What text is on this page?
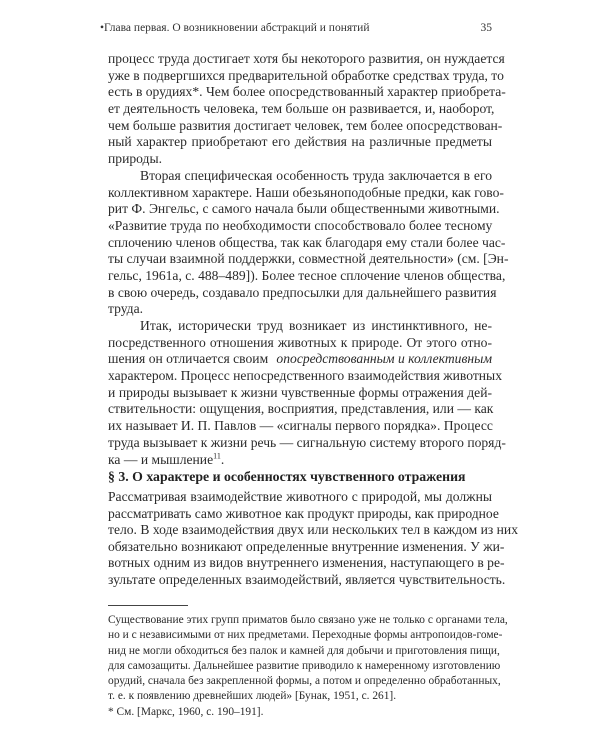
•Глава первая. О возникновении абстракций и понятий	35
процесс труда достигает хотя бы некоторого развития, он нуждается
уже в подвергшихся предварительной обработке средствах труда, то
есть в орудиях*. Чем более опосредствованный характер приобрета-
ет деятельность человека, тем больше он развивается, и, наоборот,
чем больше развития достигает человек, тем более опосредствован-
ный характер приобретают его действия на различные предметы
природы.
Вторая специфическая особенность труда заключается в его
коллективном характере. Наши обезьяноподобные предки, как гово-
рит Ф. Энгельс, с самого начала были общественными животными.
«Развитие труда по необходимости способствовало более тесному
сплочению членов общества, так как благодаря ему стали более час-
ты случаи взаимной поддержки, совместной деятельности» (см. [Эн-
гельс, 1961а, с. 488–489]). Более тесное сплочение членов общества,
в свою очередь, создавало предпосылки для дальнейшего развития
труда.
Итак, исторически труд возникает из инстинктивного, не-
посредственного отношения животных к природе. От этого отно-
шения он отличается своим опосредствованным и коллективным
характером. Процесс непосредственного взаимодействия животных
и природы вызывает к жизни чувственные формы отражения дей-
ствительности: ощущения, восприятия, представления, или — как
их называет И. П. Павлов — «сигналы первого порядка». Процесс
труда вызывает к жизни речь — сигнальную систему второго поряд-
ка — и мышление$^{11}$.
§ 3. О характере и особенностях чувственного отражения
Рассматривая взаимодействие животного с природой, мы должны
рассматривать само животное как продукт природы, как природное
тело. В ходе взаимодействия двух или нескольких тел в каждом из них
обязательно возникают определенные внутренние изменения. У жи-
вотных одним из видов внутреннего изменения, наступающего в ре-
зультате определенных взаимодействий, является чувствительность.
Существование этих групп приматов было связано уже не только с органами тела,
но и с независимыми от них предметами. Переходные формы антропоидов-гоме-
нид не могли обходиться без палок и камней для добычи и приготовления пищи,
для самозащиты. Дальнейшее развитие приводило к намеренному изготовлению
орудий, сначала без закрепленной формы, а потом и определенно обработанных,
т. е. к появлению древнейших людей» [Бунак, 1951, с. 261].
* См. [Маркс, 1960, с. 190–191].
